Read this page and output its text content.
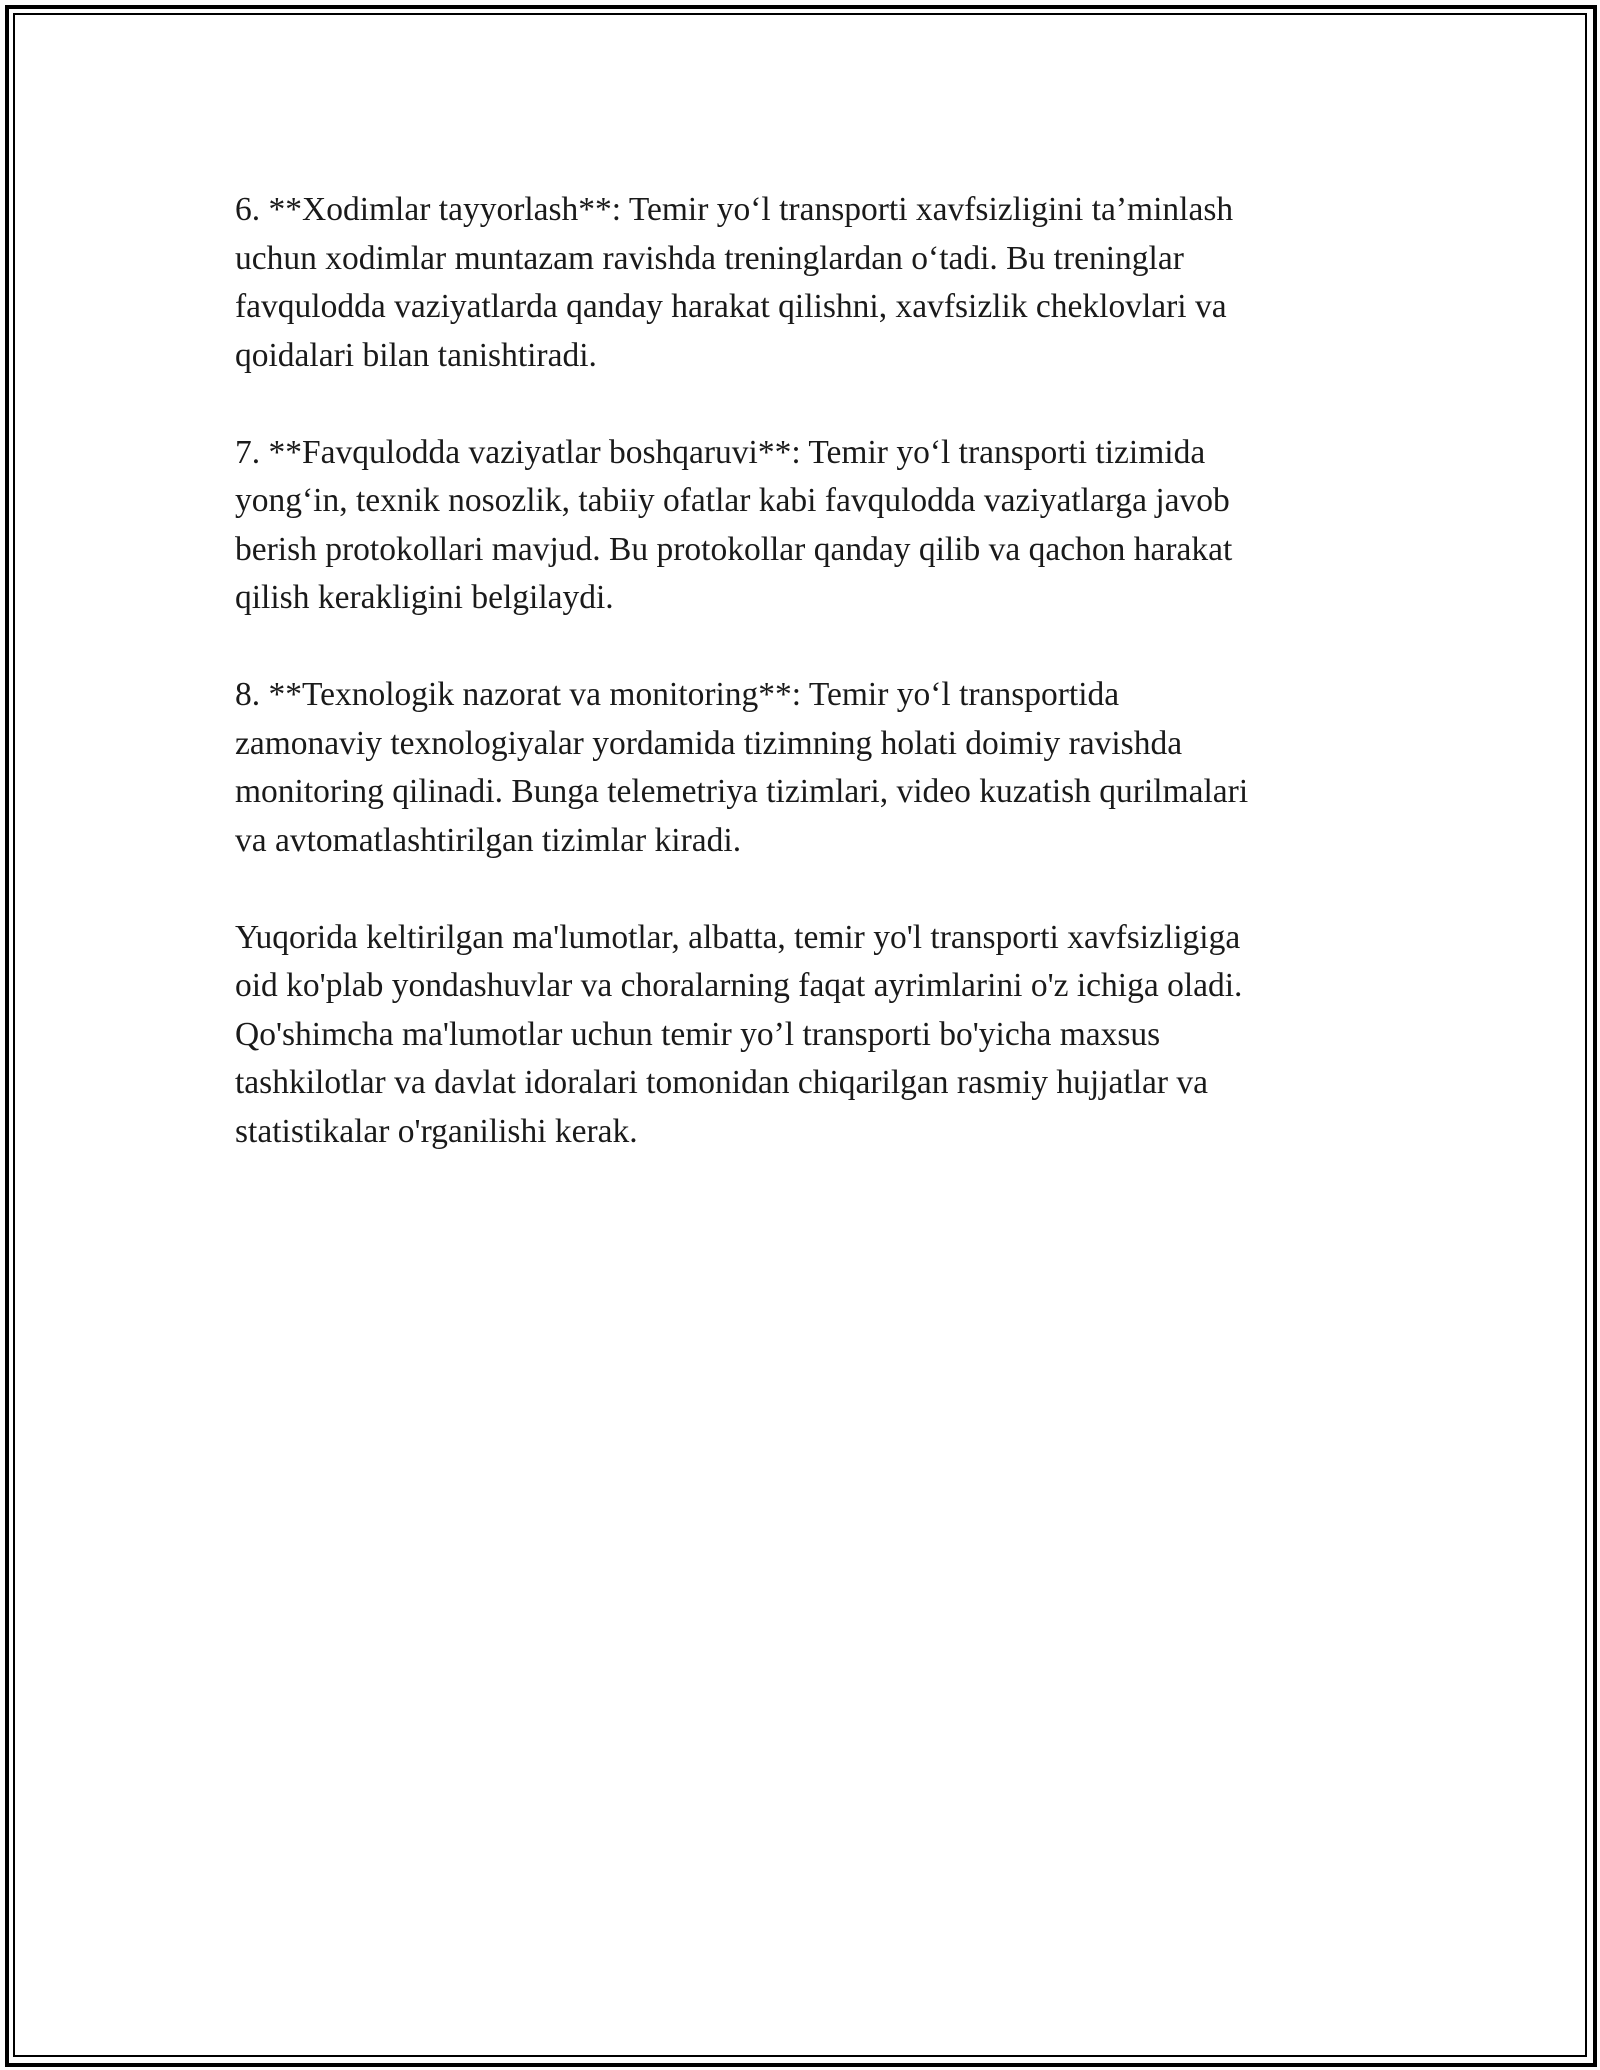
6. **Xodimlar tayyorlash**: Temir yo‘l transporti xavfsizligini ta’minlash
uchun xodimlar muntazam ravishda treninglardan o‘tadi. Bu treninglar
favqulodda vaziyatlarda qanday harakat qilishni, xavfsizlik cheklovlari va
qoidalari bilan tanishtiradi.

7. **Favqulodda vaziyatlar boshqaruvi**: Temir yo‘l transporti tizimida
yong‘in, texnik nosozlik, tabiiy ofatlar kabi favqulodda vaziyatlarga javob
berish protokollari mavjud. Bu protokollar qanday qilib va qachon harakat
qilish kerakligini belgilaydi.

8. **Texnologik nazorat va monitoring**: Temir yo‘l transportida
zamonaviy texnologiyalar yordamida tizimning holati doimiy ravishda
monitoring qilinadi. Bunga telemetriya tizimlari, video kuzatish qurilmalari
va avtomatlashtirilgan tizimlar kiradi.

Yuqorida keltirilgan ma'lumotlar, albatta, temir yo'l transporti xavfsizligiga
oid ko'plab yondashuvlar va choralarning faqat ayrimlarini o'z ichiga oladi.
Qo'shimcha ma'lumotlar uchun temir yo’l transporti bo'yicha maxsus
tashkilotlar va davlat idoralari tomonidan chiqarilgan rasmiy hujjatlar va
statistikalar o'rganilishi kerak.
